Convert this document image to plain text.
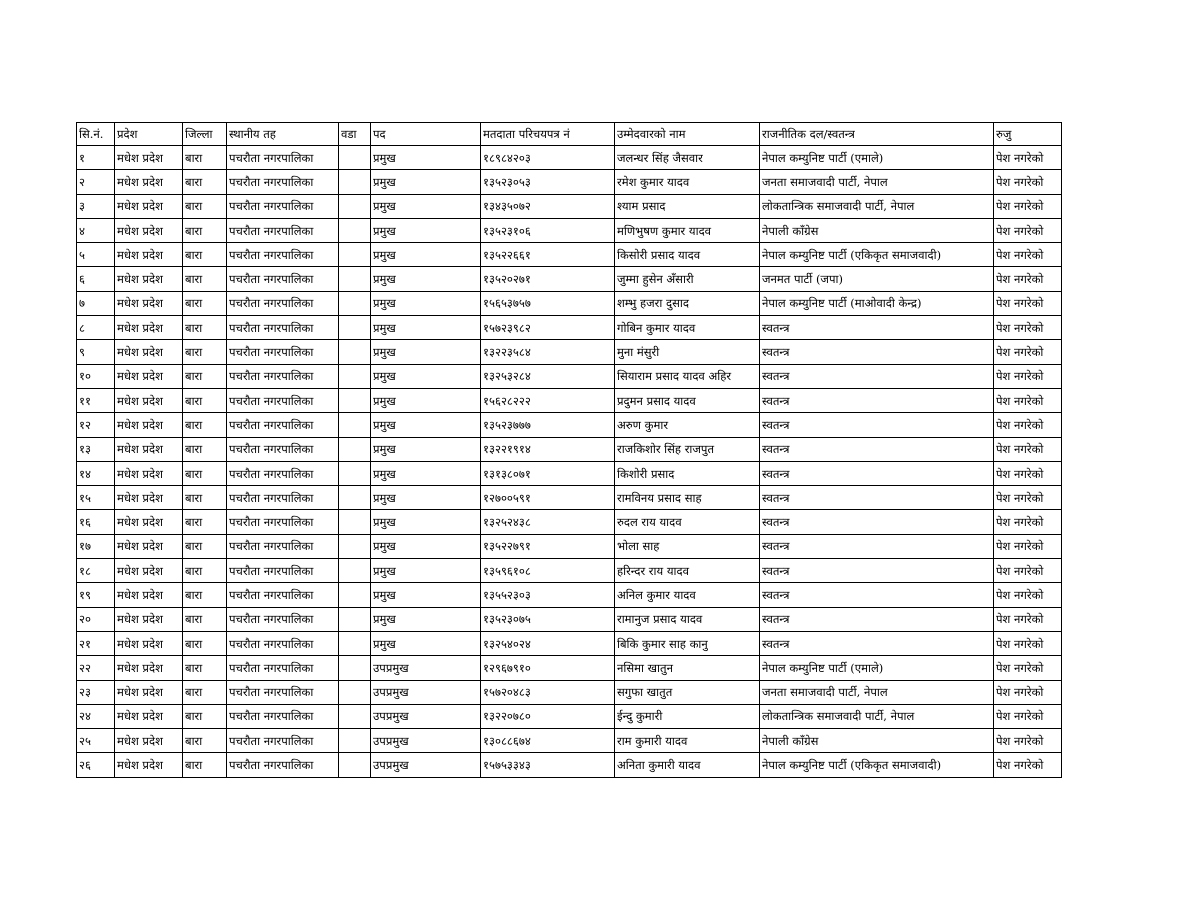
सि.नं.	प्रदेश	जिल्ला	स्थानीय तह	वडा	पद	मतदाता परिचयपत्र नं	उम्मेदवारको नाम	राजनीतिक दल/स्वतन्त्र	रुजु
१	मधेश प्रदेश	बारा	पचरौता नगरपालिका		प्रमुख	१८९८४२०३	जलन्धर सिंह जैसवार	नेपाल कम्युनिष्ट पार्टी (एमाले)	पेश नगरेको
२	मधेश प्रदेश	बारा	पचरौता नगरपालिका		प्रमुख	१३५२३०५३	रमेश कुमार यादव	जनता समाजवादी पार्टी, नेपाल	पेश नगरेको
३	मधेश प्रदेश	बारा	पचरौता नगरपालिका		प्रमुख	१३४३५०७२	श्याम प्रसाद	लोकतान्त्रिक समाजवादी पार्टी, नेपाल	पेश नगरेको
४	मधेश प्रदेश	बारा	पचरौता नगरपालिका		प्रमुख	१३५२३१०६	मणिभुषण कुमार यादव	नेपाली काँग्रेस	पेश नगरेको
५	मधेश प्रदेश	बारा	पचरौता नगरपालिका		प्रमुख	१३५२२६६१	किसोरी प्रसाद यादव	नेपाल कम्युनिष्ट पार्टी (एकिकृत समाजवादी)	पेश नगरेको
६	मधेश प्रदेश	बारा	पचरौता नगरपालिका		प्रमुख	१३५२०२७१	जुम्मा हुसेन अँसारी	जनमत पार्टी (जपा)	पेश नगरेको
७	मधेश प्रदेश	बारा	पचरौता नगरपालिका		प्रमुख	१५६५३७५७	शम्भु हजरा दुसाद	नेपाल कम्युनिष्ट पार्टी (माओवादी केन्द्र)	पेश नगरेको
८	मधेश प्रदेश	बारा	पचरौता नगरपालिका		प्रमुख	१५७२३९८२	गोबिन कुमार यादव	स्वतन्त्र	पेश नगरेको
९	मधेश प्रदेश	बारा	पचरौता नगरपालिका		प्रमुख	१३२२३५८४	मुना मंसुरी	स्वतन्त्र	पेश नगरेको
१०	मधेश प्रदेश	बारा	पचरौता नगरपालिका		प्रमुख	१३२५३२८४	सियाराम प्रसाद यादव अहिर	स्वतन्त्र	पेश नगरेको
११	मधेश प्रदेश	बारा	पचरौता नगरपालिका		प्रमुख	१५६२८२२२	प्रदुमन प्रसाद यादव	स्वतन्त्र	पेश नगरेको
१२	मधेश प्रदेश	बारा	पचरौता नगरपालिका		प्रमुख	१३५२३७७७	अरुण कुमार	स्वतन्त्र	पेश नगरेको
१३	मधेश प्रदेश	बारा	पचरौता नगरपालिका		प्रमुख	१३२२१९१४	राजकिशोर सिंह राजपुत	स्वतन्त्र	पेश नगरेको
१४	मधेश प्रदेश	बारा	पचरौता नगरपालिका		प्रमुख	१३१३८०७१	किशोरी प्रसाद	स्वतन्त्र	पेश नगरेको
१५	मधेश प्रदेश	बारा	पचरौता नगरपालिका		प्रमुख	१२७००५९१	रामविनय प्रसाद साह	स्वतन्त्र	पेश नगरेको
१६	मधेश प्रदेश	बारा	पचरौता नगरपालिका		प्रमुख	१३२५२४३८	रुदल राय यादव	स्वतन्त्र	पेश नगरेको
१७	मधेश प्रदेश	बारा	पचरौता नगरपालिका		प्रमुख	१३५२२७९१	भोला साह	स्वतन्त्र	पेश नगरेको
१८	मधेश प्रदेश	बारा	पचरौता नगरपालिका		प्रमुख	१३५९६१०८	हरिन्दर राय यादव	स्वतन्त्र	पेश नगरेको
१९	मधेश प्रदेश	बारा	पचरौता नगरपालिका		प्रमुख	१३५५२३०३	अनिल कुमार यादव	स्वतन्त्र	पेश नगरेको
२०	मधेश प्रदेश	बारा	पचरौता नगरपालिका		प्रमुख	१३५२३०७५	रामानुज प्रसाद यादव	स्वतन्त्र	पेश नगरेको
२१	मधेश प्रदेश	बारा	पचरौता नगरपालिका		प्रमुख	१३२५४०२४	बिकि कुमार साह कानु	स्वतन्त्र	पेश नगरेको
२२	मधेश प्रदेश	बारा	पचरौता नगरपालिका		उपप्रमुख	१२९६७९१०	नसिमा खातुन	नेपाल कम्युनिष्ट पार्टी (एमाले)	पेश नगरेको
२३	मधेश प्रदेश	बारा	पचरौता नगरपालिका		उपप्रमुख	१५७२०४८३	सगुफा खातुत	जनता समाजवादी पार्टी, नेपाल	पेश नगरेको
२४	मधेश प्रदेश	बारा	पचरौता नगरपालिका		उपप्रमुख	१३२२०७८०	ईन्दु कुमारी	लोकतान्त्रिक समाजवादी पार्टी, नेपाल	पेश नगरेको
२५	मधेश प्रदेश	बारा	पचरौता नगरपालिका		उपप्रमुख	१३०८८६७४	राम कुमारी यादव	नेपाली काँग्रेस	पेश नगरेको
२६	मधेश प्रदेश	बारा	पचरौता नगरपालिका		उपप्रमुख	१५७५३३४३	अनिता कुमारी यादव	नेपाल कम्युनिष्ट पार्टी (एकिकृत समाजवादी)	पेश नगरेको
